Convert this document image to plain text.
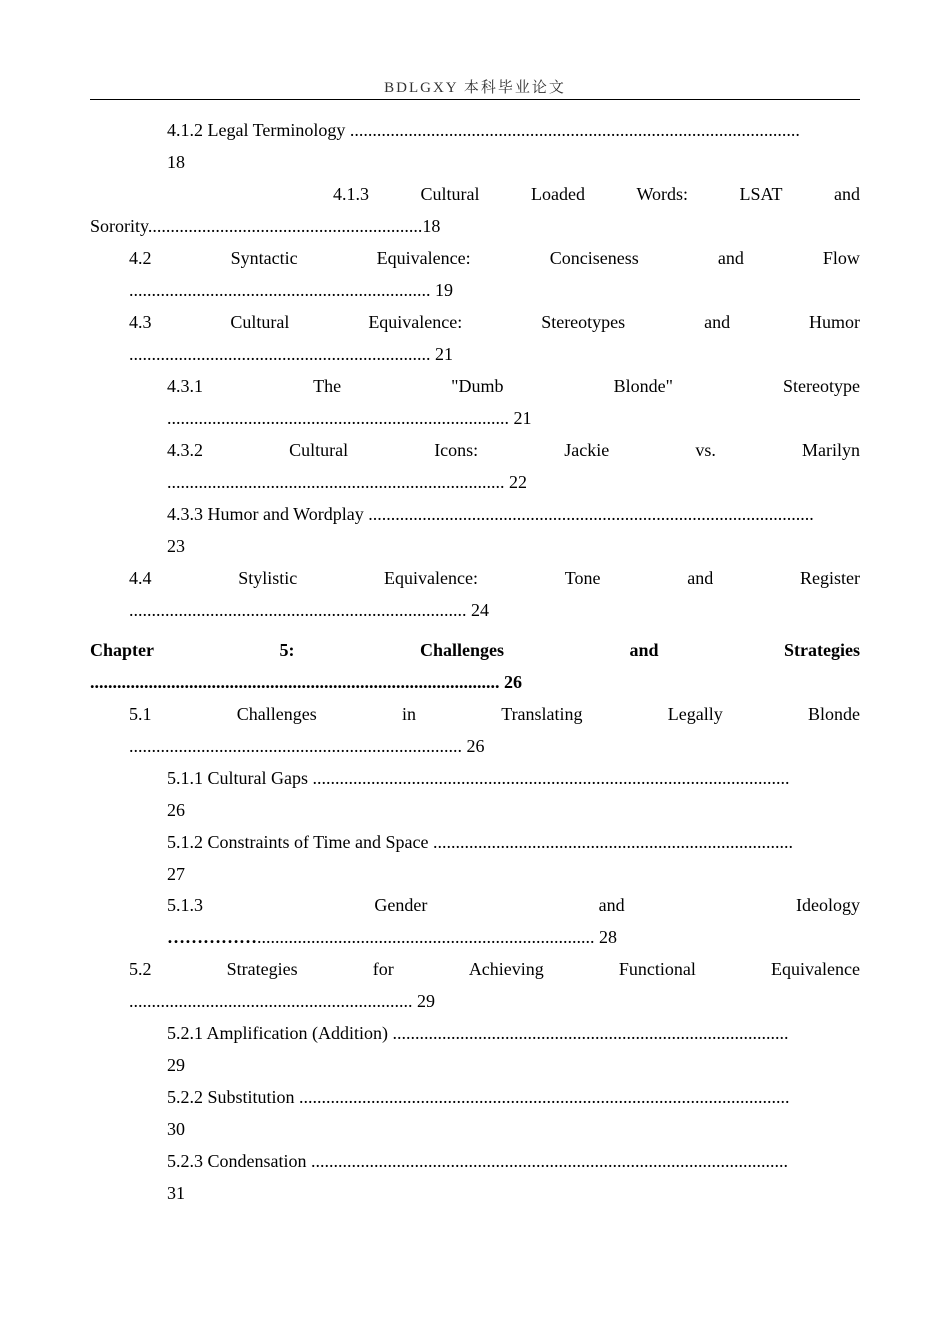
BDLGXY 本科毕业论文
4.1.2 Legal Terminology ....................................................................................................
18
4.1.3	Cultural	Loaded	Words:	LSAT	and
Sorority.............................................................18
4.2	Syntactic	Equivalence:	Conciseness	and	Flow
................................................................... 19
4.3	Cultural	Equivalence:	Stereotypes	and	Humor
................................................................... 21
4.3.1	The	"Dumb	Blonde"	Stereotype
............................................................................ 21
4.3.2	Cultural	Icons:	Jackie	vs.	Marilyn
........................................................................... 22
4.3.3 Humor and Wordplay ...................................................................................................
23
4.4	Stylistic	Equivalence:	Tone	and	Register
........................................................................... 24
Chapter	5:	Challenges	and	Strategies
........................................................................................... 26
5.1	Challenges	in	Translating	Legally	Blonde
.......................................................................... 26
5.1.1 Cultural Gaps ..........................................................................................................
26
5.1.2 Constraints of Time and Space ................................................................................
27
5.1.3	Gender	and	Ideology
……………........................................................................... 28
5.2	Strategies	for	Achieving	Functional	Equivalence
............................................................... 29
5.2.1 Amplification (Addition) ........................................................................................
29
5.2.2 Substitution .............................................................................................................
30
5.2.3 Condensation ..........................................................................................................
31
